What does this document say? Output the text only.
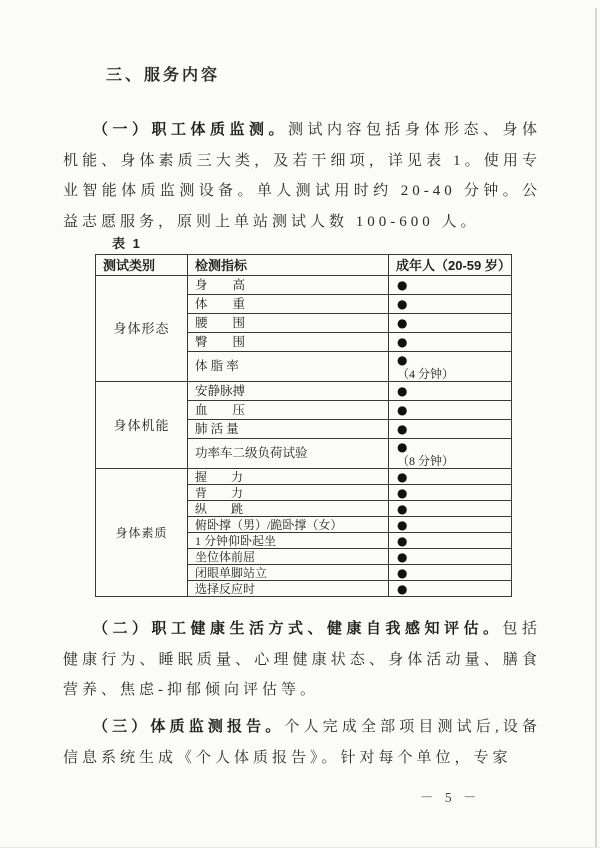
三、服务内容

（一）职工体质监测。测试内容包括身体形态、身体机能、身体素质三大类，及若干细项，详见表 1。使用专业智能体质监测设备。单人测试用时约 20-40 分钟。公益志愿服务，原则上单站测试人数 100-600 人。

表 1
测试类别	检测指标	成年人（20-59 岁）
身体形态	身　　高	●

	体　　重	●

	腰　　围	●

	臀　　围	●

	体 脂 率	●
（4 分钟）

身体机能	安静脉搏	●

	血　　压	●

	肺 活 量	●

	功率车二级负荷试验	●
（8 分钟）

身体素质	握　　力	●

	背　　力	●

	纵　　跳	●

	俯卧撑（男）/跪卧撑（女）	●

	1 分钟仰卧起坐	●

	坐位体前屈	●

	闭眼单脚站立	●

	选择反应时	●

（二）职工健康生活方式、健康自我感知评估。包括健康行为、睡眠质量、心理健康状态、身体活动量、膳食营养、焦虑-抑郁倾向评估等。

（三）体质监测报告。个人完成全部项目测试后,设备信息系统生成《个人体质报告》。针对每个单位，专家

－ 5 －
